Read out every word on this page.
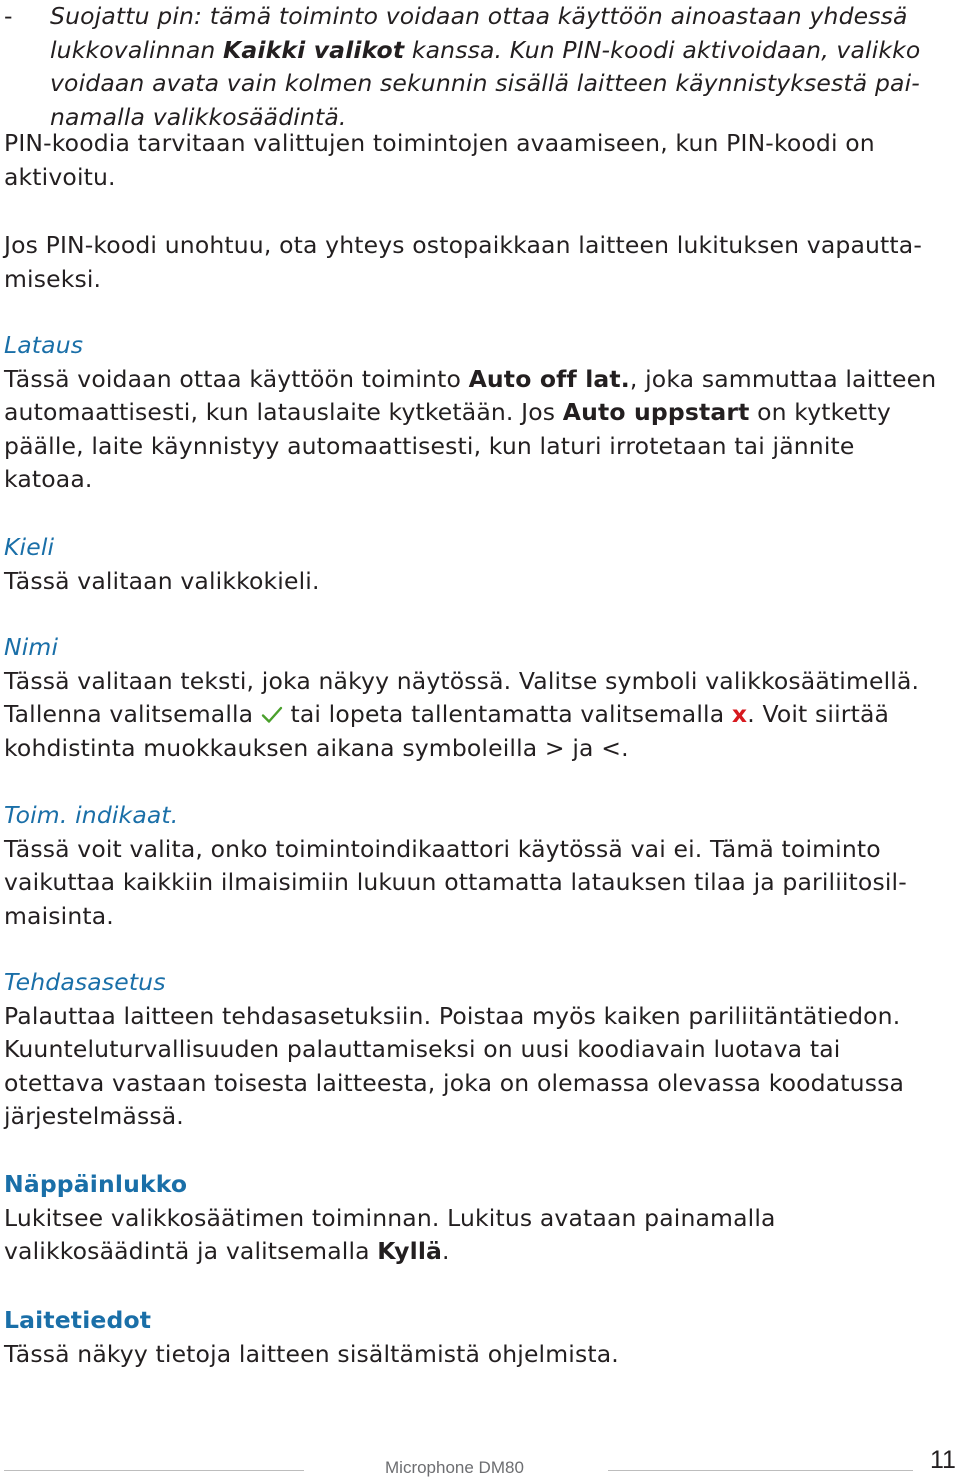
- Suojattu pin: tämä toiminto voidaan ottaa käyttöön ainoastaan yhdessä
lukkovalinnan Kaikki valikot kanssa. Kun PIN-koodi aktivoidaan, valikko
voidaan avata vain kolmen sekunnin sisällä laitteen käynnistyksestä pai-
namalla valikkosäädintä.
PIN-koodia tarvitaan valittujen toimintojen avaamiseen, kun PIN-koodi on
aktivoitu.
Jos PIN-koodi unohtuu, ota yhteys ostopaikkaan laitteen lukituksen vapautta-
miseksi.
Lataus
Tässä voidaan ottaa käyttöön toiminto Auto off lat., joka sammuttaa laitteen
automaattisesti, kun latauslaite kytketään. Jos Auto uppstart on kytketty
päälle, laite käynnistyy automaattisesti, kun laturi irrotetaan tai jännite
katoaa.
Kieli
Tässä valitaan valikkokieli.
Nimi
Tässä valitaan teksti, joka näkyy näytössä. Valitse symboli valikkosäätimellä.
Tallenna valitsemalla  tai lopeta tallentamatta valitsemalla x. Voit siirtää
kohdistinta muokkauksen aikana symboleilla > ja <.
Toim. indikaat.
Tässä voit valita, onko toimintoindikaattori käytössä vai ei. Tämä toiminto
vaikuttaa kaikkiin ilmaisimiin lukuun ottamatta latauksen tilaa ja pariliitosil-
maisinta.
Tehdasasetus
Palauttaa laitteen tehdasasetuksiin. Poistaa myös kaiken pariliitäntätiedon.
Kuunteluturvallisuuden palauttamiseksi on uusi koodiavain luotava tai
otettava vastaan toisesta laitteesta, joka on olemassa olevassa koodatussa
järjestelmässä.
Näppäinlukko
Lukitsee valikkosäätimen toiminnan. Lukitus avataan painamalla
valikkosäädintä ja valitsemalla Kyllä.
Laitetiedot
Tässä näkyy tietoja laitteen sisältämistä ohjelmista.
Microphone DM80	11
